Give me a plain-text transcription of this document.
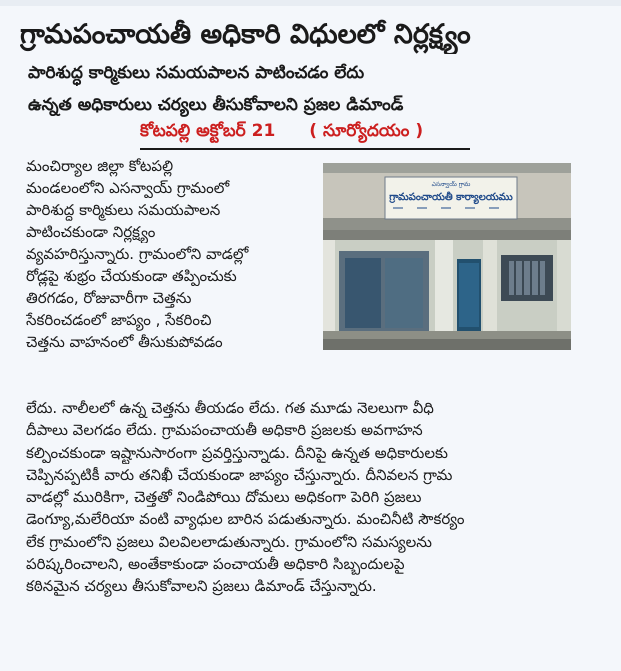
గ్రామపంచాయతీ అధికారి విధులలో నిర్లక్ష్యం
పారిశుద్ధ కార్మికులు సమయపాలన పాటించడం లేదు
ఉన్నత అధికారులు చర్యలు తీసుకోవాలని ప్రజల డిమాండ్
కోటపల్లి అక్టోబర్ 21 ( సూర్యోదయం )
మంచిర్యాల జిల్లా కోటపల్లి
మండలంలోని ఎసన్వాయ్ గ్రామంలో
పారిశుద్ధ కార్మికులు సమయపాలన
పాటించకుండా నిర్లక్ష్యం
వ్యవహరిస్తున్నారు. గ్రామంలోని వాడల్లో
రోడ్లపై శుభ్రం చేయకుండా తప్పించుకు
తిరగడం, రోజువారీగా చెత్తను
సేకరించడంలో జాప్యం , సేకరించి
చెత్తను వాహనంలో తీసుకుపోవడం
ఎసన్వాయ్ గ్రామ
గ్రామపంచాయతీ కార్యాలయము
లేదు. నాలీలలో ఉన్న చెత్తను తీయడం లేదు. గత మూడు నెలలుగా వీధి
దీపాలు వెలగడం లేదు. గ్రామపంచాయతీ అధికారి ప్రజలకు అవగాహన
కల్పించకుండా ఇష్టానుసారంగా ప్రవర్తిస్తున్నాడు. దీనిపై ఉన్నత అధికారులకు
చెప్పినప్పటికీ వారు తనిఖీ చేయకుండా జాప్యం చేస్తున్నారు. దీనివలన గ్రామ
వాడల్లో మురికిగా, చెత్తతో నిండిపోయి దోమలు అధికంగా పెరిగి ప్రజలు
డెంగ్యూ,మలేరియా వంటి వ్యాధుల బారిన పడుతున్నారు. మంచినీటి సౌకర్యం
లేక గ్రామంలోని ప్రజలు విలవిలలాడుతున్నారు. గ్రామంలోని సమస్యలను
పరిష్కరించాలని, అంతేకాకుండా పంచాయతీ అధికారి సిబ్బందులపై
కఠినమైన చర్యలు తీసుకోవాలని ప్రజలు డిమాండ్ చేస్తున్నారు.
